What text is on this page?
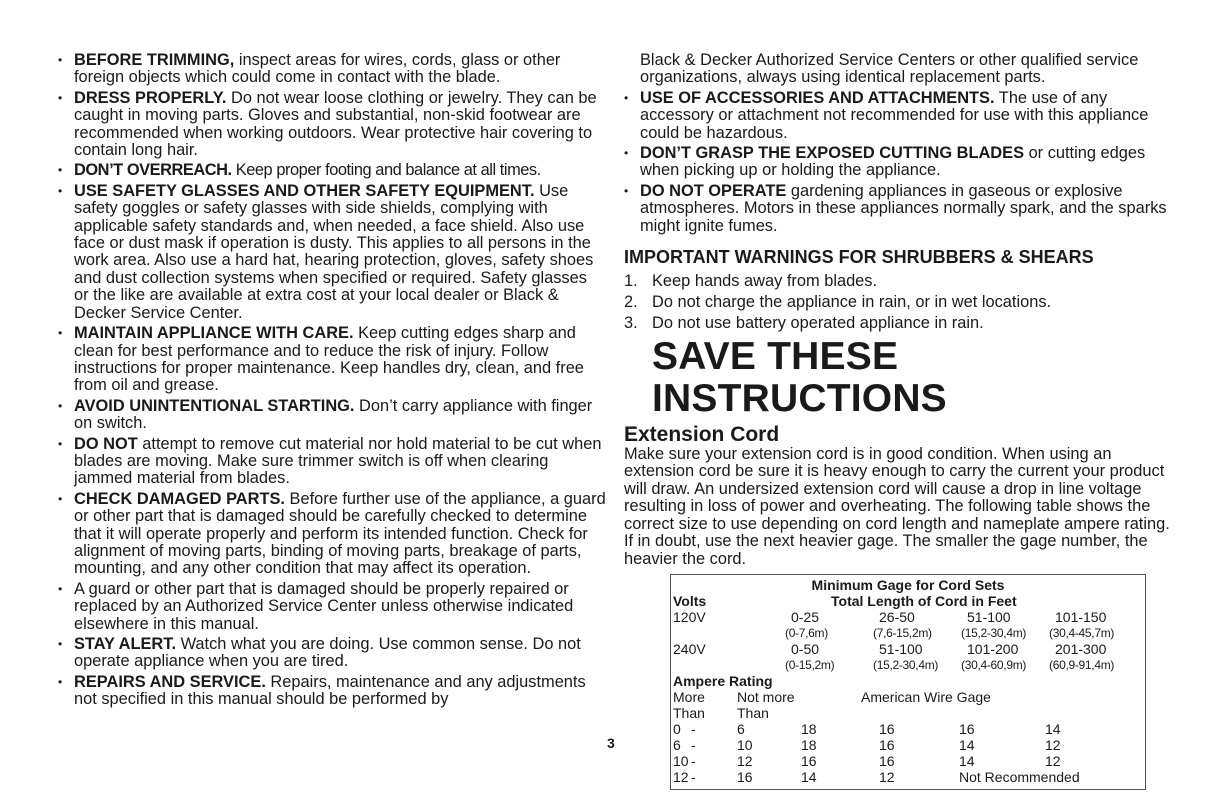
• BEFORE TRIMMING, inspect areas for wires, cords, glass or other foreign objects which could come in contact with the blade.
• DRESS PROPERLY. Do not wear loose clothing or jewelry. They can be caught in moving parts. Gloves and substantial, non-skid footwear are recommended when working outdoors. Wear protective hair covering to contain long hair.
• DON’T OVERREACH. Keep proper footing and balance at all times.
• USE SAFETY GLASSES AND OTHER SAFETY EQUIPMENT. Use safety goggles or safety glasses with side shields, complying with applicable safety standards and, when needed, a face shield. Also use face or dust mask if operation is dusty. This applies to all persons in the work area. Also use a hard hat, hearing protection, gloves, safety shoes and dust collection systems when specified or required. Safety glasses or the like are available at extra cost at your local dealer or Black & Decker Service Center.
• MAINTAIN APPLIANCE WITH CARE. Keep cutting edges sharp and clean for best performance and to reduce the risk of injury. Follow instructions for proper maintenance. Keep handles dry, clean, and free from oil and grease.
• AVOID UNINTENTIONAL STARTING. Don’t carry appliance with finger on switch.
• DO NOT attempt to remove cut material nor hold material to be cut when blades are moving. Make sure trimmer switch is off when clearing jammed material from blades.
• CHECK DAMAGED PARTS. Before further use of the appliance, a guard or other part that is damaged should be carefully checked to determine that it will operate properly and perform its intended function. Check for alignment of moving parts, binding of moving parts, breakage of parts, mounting, and any other condition that may affect its operation.
• A guard or other part that is damaged should be properly repaired or replaced by an Authorized Service Center unless otherwise indicated elsewhere in this manual.
• STAY ALERT. Watch what you are doing. Use common sense. Do not operate appliance when you are tired.
• REPAIRS AND SERVICE. Repairs, maintenance and any adjustments not specified in this manual should be performed by
Black & Decker Authorized Service Centers or other qualified service organizations, always using identical replacement parts.
• USE OF ACCESSORIES AND ATTACHMENTS. The use of any accessory or attachment not recommended for use with this appliance could be hazardous.
• DON’T GRASP THE EXPOSED CUTTING BLADES or cutting edges when picking up or holding the appliance.
• DO NOT OPERATE gardening appliances in gaseous or explosive atmospheres. Motors in these appliances normally spark, and the sparks might ignite fumes.
IMPORTANT WARNINGS FOR SHRUBBERS & SHEARS
1. Keep hands away from blades.
2. Do not charge the appliance in rain, or in wet locations.
3. Do not use battery operated appliance in rain.
SAVE THESE INSTRUCTIONS
Extension Cord

Make sure your extension cord is in good condition. When using an extension cord be sure it is heavy enough to carry the current your product will draw. An undersized extension cord will cause a drop in line voltage resulting in loss of power and overheating. The following table shows the correct size to use depending on cord length and nameplate ampere rating. If in doubt, use the next heavier gage. The smaller the gage number, the heavier the cord.

Minimum Gage for Cord Sets
Volts	Total Length of Cord in Feet
120V	0-25	26-50	51-100	101-150
(0-7,6m)	(7,6-15,2m)	(15,2-30,4m)	(30,4-45,7m)
240V	0-50	51-100	101-200	201-300
(0-15,2m)	(15,2-30,4m)	(30,4-60,9m)	(60,9-91,4m)
Ampere Rating
More	Not more	American Wire Gage
Than	Than
0 -	6	18	16	16	14
6 -	10	18	16	14	12
10 -	12	16	16	14	12
12 -	16	14	12	Not Recommended
3
